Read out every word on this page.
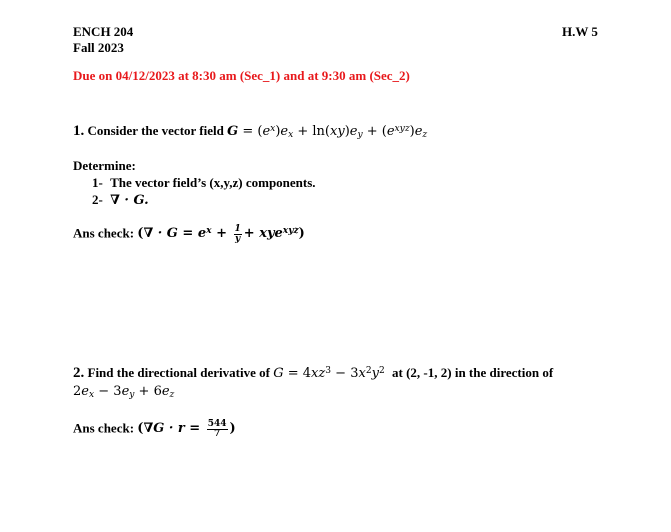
ENCH 204
Fall 2023
H.W 5
Due on 04/12/2023 at 8:30 am (Sec_1) and at 9:30 am (Sec_2)
1. Consider the vector field $G = (e^x)e_x + \ln(xy)e_y + (e^{xyz})e_z$
Determine:
1- The vector field’s (x,y,z) components.
2- ∇ · G.
Ans check: (∇ · $G = e^x + \frac{1}{y} + xye^{xyz}$)
2. Find the directional derivative of $G = 4xz^3 - 3x^2y^2$ at (2, -1, 2) in the direction of
$2e_x - 3e_y + 6e_z$
Ans check: ($\nabla G \cdot r = \frac{544}{7}$ )
